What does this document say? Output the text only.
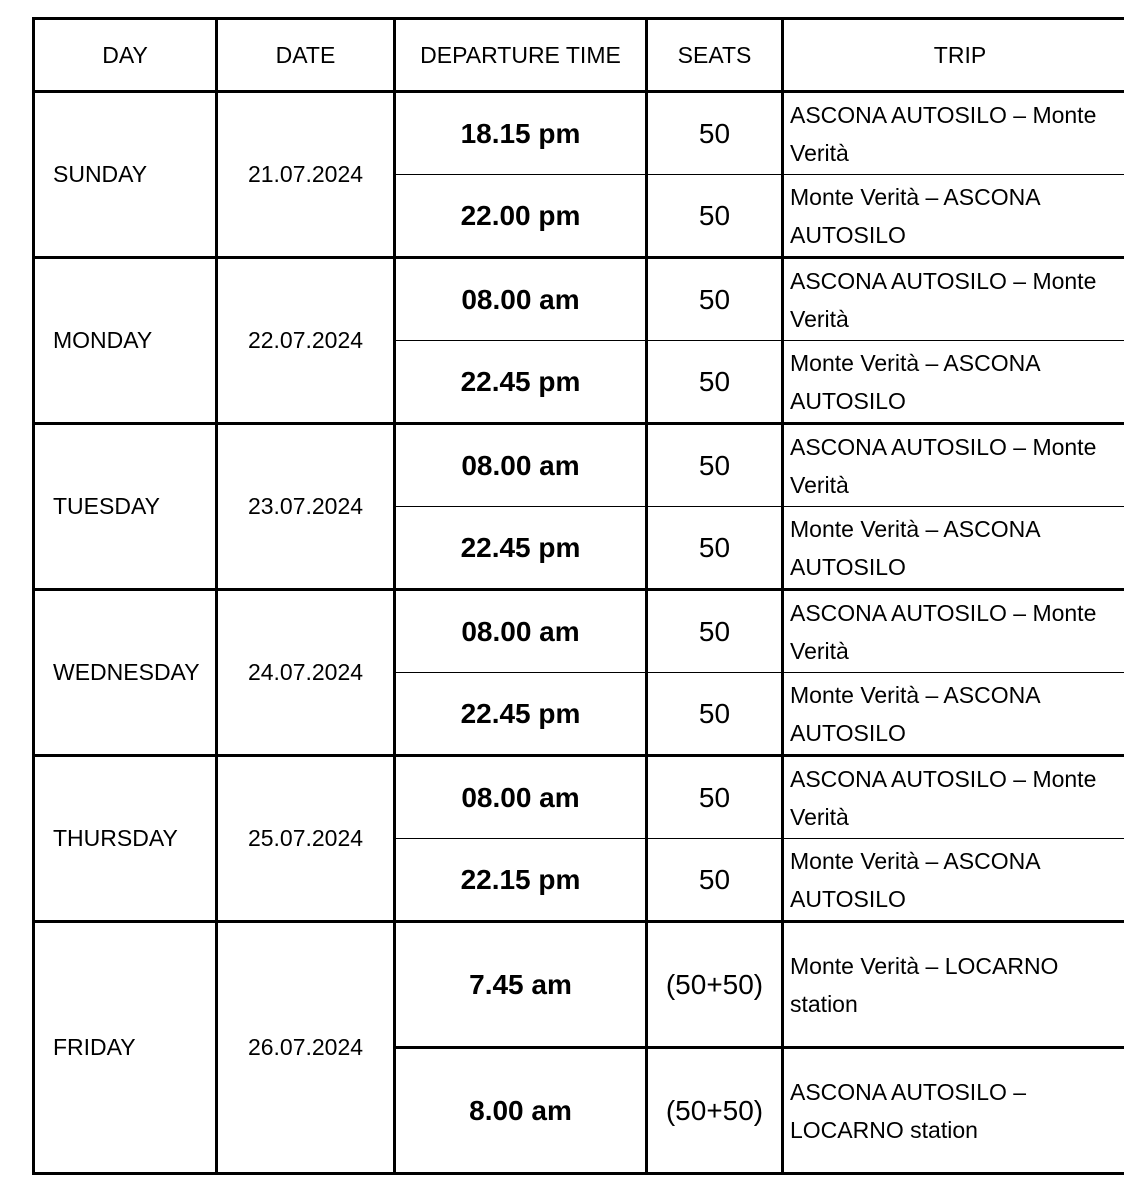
DAY	DATE	DEPARTURE TIME	SEATS	TRIP
SUNDAY	21.07.2024	18.15 pm	50	ASCONA AUTOSILO – Monte Verità

		22.00 pm	50	Monte Verità – ASCONA AUTOSILO

MONDAY	22.07.2024	08.00 am	50	ASCONA AUTOSILO – Monte Verità

		22.45 pm	50	Monte Verità – ASCONA AUTOSILO

TUESDAY	23.07.2024	08.00 am	50	ASCONA AUTOSILO – Monte Verità

		22.45 pm	50	Monte Verità – ASCONA AUTOSILO

WEDNESDAY	24.07.2024	08.00 am	50	ASCONA AUTOSILO – Monte Verità

		22.45 pm	50	Monte Verità – ASCONA AUTOSILO

THURSDAY	25.07.2024	08.00 am	50	ASCONA AUTOSILO – Monte Verità

		22.15 pm	50	Monte Verità – ASCONA AUTOSILO

FRIDAY	26.07.2024	7.45 am	(50+50)	Monte Verità – LOCARNO station

		8.00 am	(50+50)	ASCONA AUTOSILO – LOCARNO station
